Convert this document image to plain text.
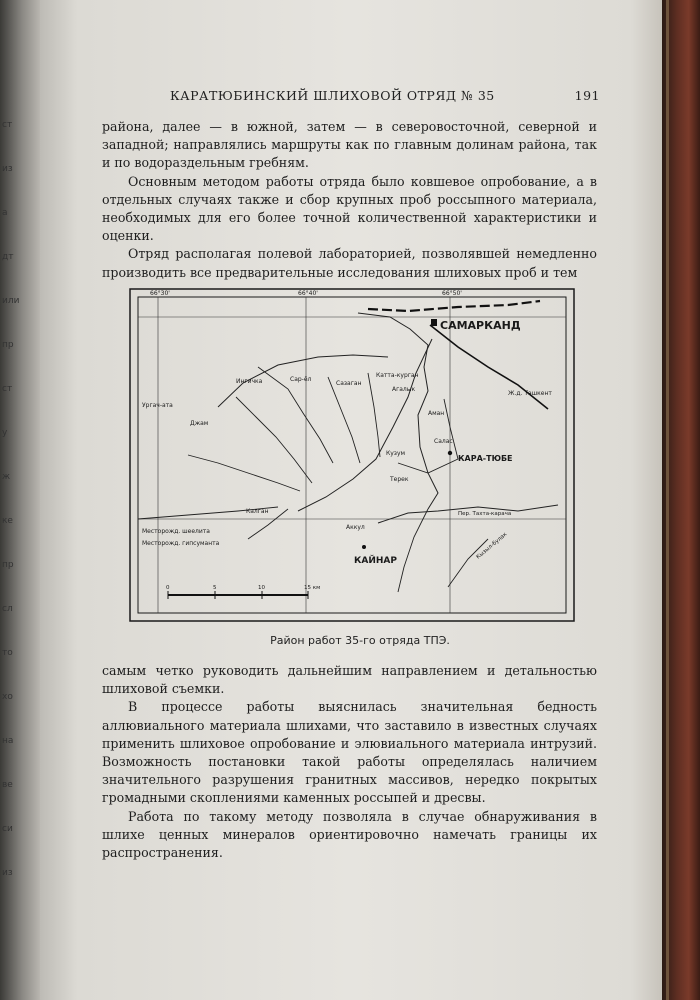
ст
из
а
дт
или
пр
ст
у
ж
ке
пр
сл
то
хо
на
ве
си
из
КАРАТЮБИНСКИЙ ШЛИХОВОЙ ОТРЯД № 35	191

района, далее — в южной, затем — в северовосточной, северной и западной; направлялись маршруты как по главным долинам района, так и по водораздельным гребням.

Основным методом работы отряда было ковшевое опробование, а в отдельных случаях также и сбор крупных проб россыпного материала, необходимых для его более точной количественной характеристики и оценки.

Отряд располагая полевой лабораторией, позволявшей немедленно производить все предварительные исследования шлиховых проб и тем

66°30'	66°40'	66°50'
САМАРКАНД
Ж.д. Ташкент
КАРА-ТЮБЕ
КАЙНАР
Ингичка	Сар-ёл
Сазаган
Катта-курган
Агалык
Ургач-ата
Джам
Аман
Кузум
Терек
Салас
Калган
Аккул
Пер. Тахта-карача
Кызыл-булак
Месторожд. шеелита
Месторожд. гипсуманта
0	5	10	15 км
Район работ 35-го отряда ТПЭ.

самым четко руководить дальнейшим направлением и детальностью шлиховой съемки.

В процессе работы выяснилась значительная бедность аллювиального материала шлихами, что заставило в известных случаях применить шлиховое опробование и элювиального материала интрузий. Возможность постановки такой работы определялась наличием значительного разрушения гранитных массивов, нередко покрытых громадными скоплениями каменных россыпей и дресвы.

Работа по такому методу позволяла в случае обнаруживания в шлихе ценных минералов ориентировочно намечать границы их распространения.
